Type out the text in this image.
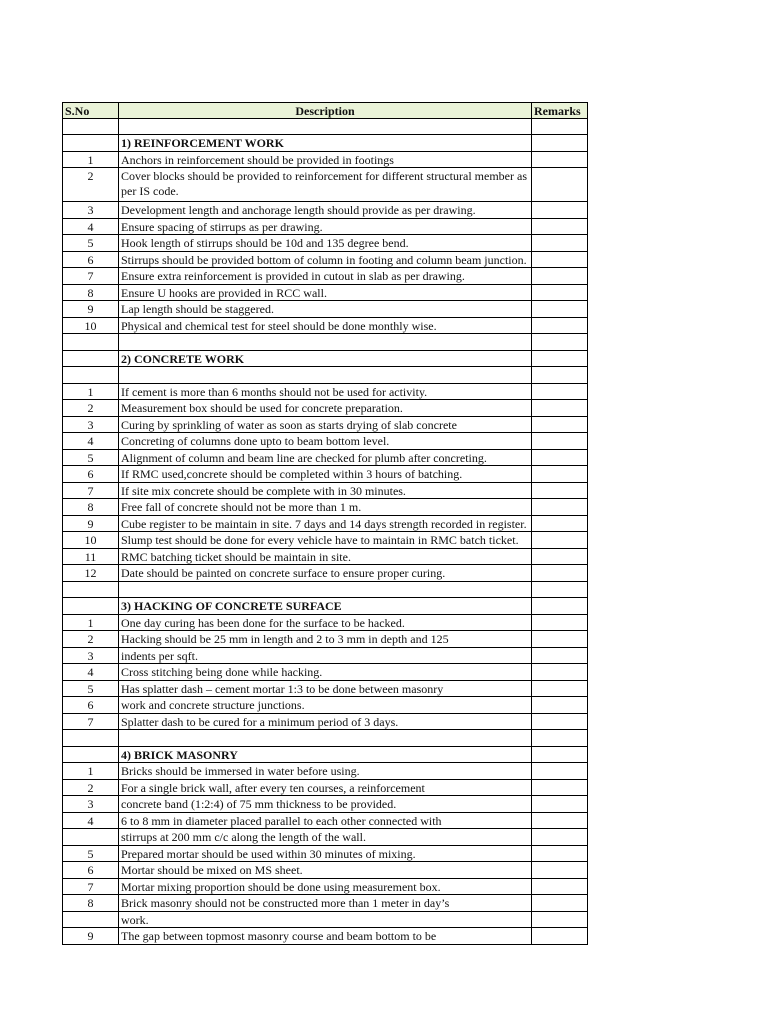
S.No	Description	Remarks
1) REINFORCEMENT WORK
1	Anchors in reinforcement should be provided in footings
2	Cover blocks should be provided to reinforcement for different structural member as per IS code.
3	Development length and anchorage length should provide as per drawing.
4	Ensure spacing of stirrups as per drawing.
5	Hook length of stirrups should be 10d and 135 degree bend.
6	Stirrups should be provided bottom of column in footing and column beam junction.
7	Ensure extra reinforcement is provided in cutout in slab as per drawing.
8	Ensure U hooks are provided in RCC wall.
9	Lap length should be staggered.
10	Physical and chemical test for steel should be done monthly wise.
2) CONCRETE WORK
1	If cement is more than 6 months should not be used for activity.
2	Measurement box should be used for concrete preparation.
3	Curing by sprinkling of water as soon as starts drying of slab concrete
4	Concreting of columns done upto to beam bottom level.
5	Alignment of column and beam line are checked for plumb after concreting.
6	If RMC used,concrete should be completed within 3 hours of batching.
7	If site mix concrete should be complete with in 30 minutes.
8	Free fall of concrete should not be more than 1 m.
9	Cube register to be maintain in site. 7 days and 14 days strength recorded in register.
10	Slump test should be done for every vehicle have to maintain in RMC batch ticket.
11	RMC batching ticket should be maintain in site.
12	Date should be painted on concrete surface to ensure proper curing.
3) HACKING OF CONCRETE SURFACE
1	One day curing has been done for the surface to be hacked.
2	Hacking should be 25 mm in length and 2 to 3 mm in depth and 125
3	indents per sqft.
4	Cross stitching being done while hacking.
5	Has splatter dash – cement mortar 1:3 to be done between masonry
6	work and concrete structure junctions.
7	Splatter dash to be cured for a minimum period of 3 days.
4) BRICK MASONRY
1	Bricks should be immersed in water before using.
2	For a single brick wall, after every ten courses, a reinforcement
3	concrete band (1:2:4) of 75 mm thickness to be provided.
4	6 to 8 mm in diameter placed parallel to each other connected with
stirrups at 200 mm c/c along the length of the wall.
5	Prepared mortar should be used within 30 minutes of mixing.
6	Mortar should be mixed on MS sheet.
7	Mortar mixing proportion should be done using measurement box.
8	Brick masonry should not be constructed more than 1 meter in day’s
work.
9	The gap between topmost masonry course and beam bottom to be
